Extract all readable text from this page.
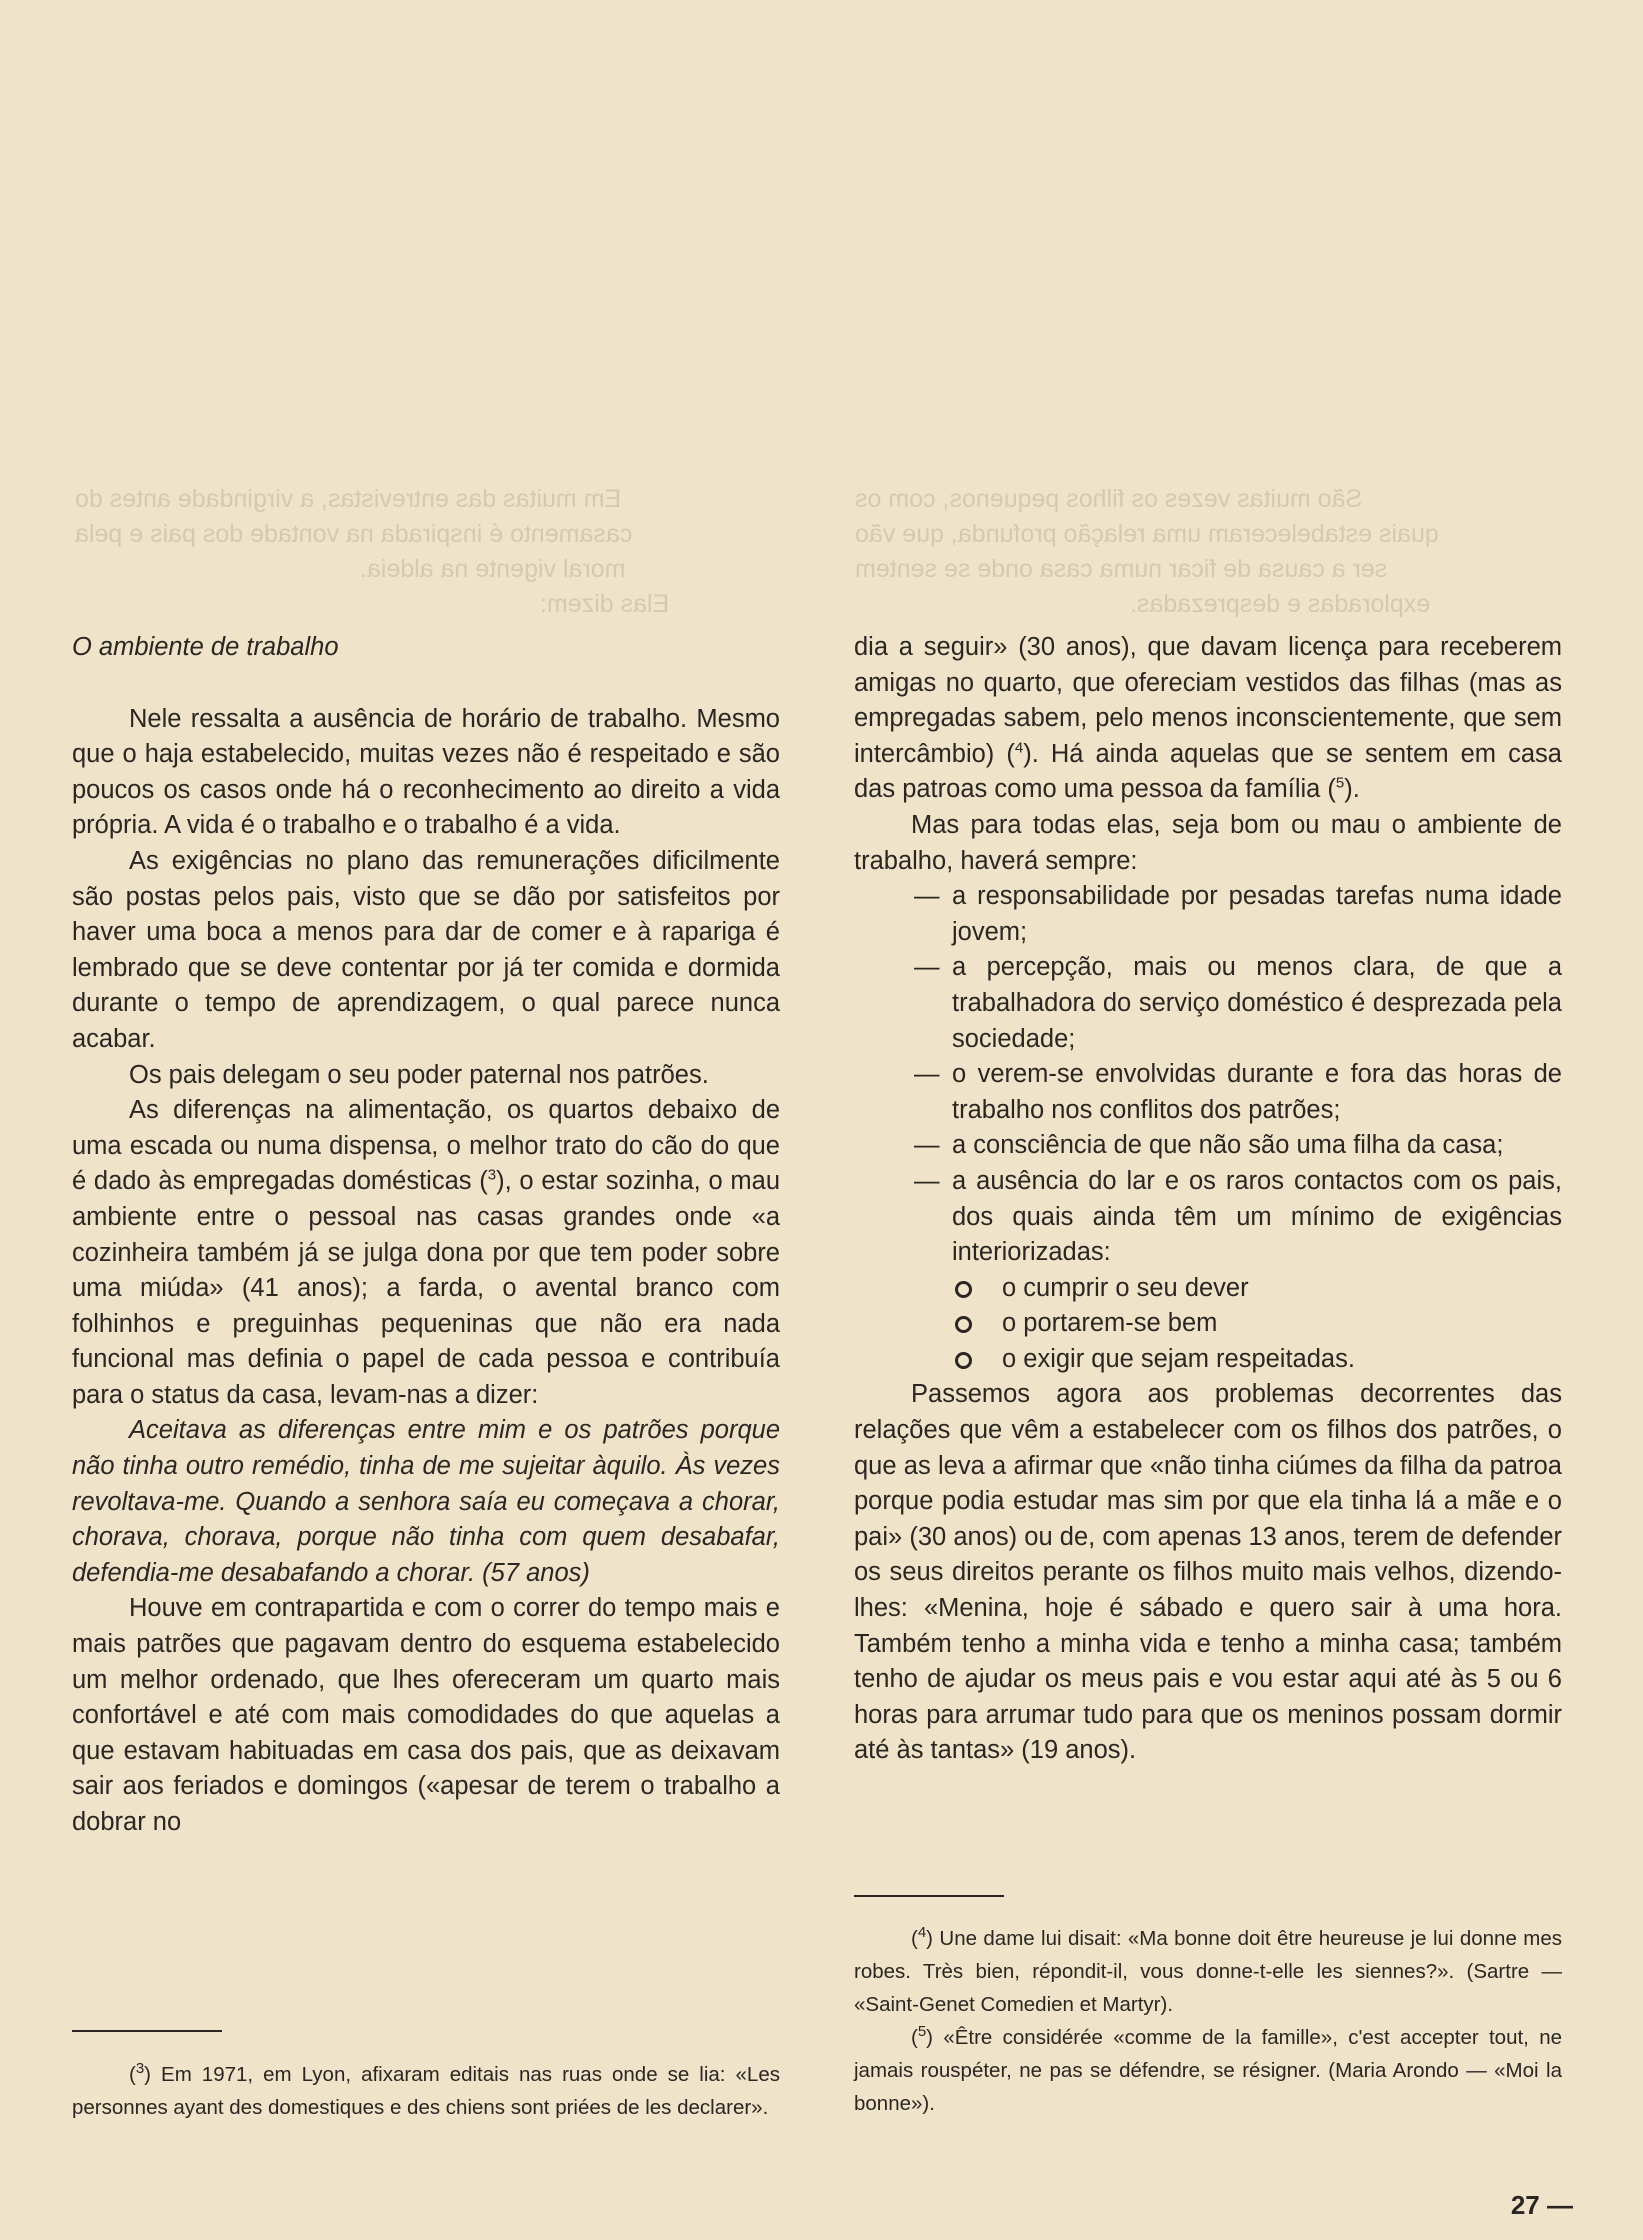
Em muitas das entrevistas, a virgindade antes do
casamento é inspirada na vontade dos pais e pela
moral vigente na aldeia.
Elas dizem:
São muitas vezes os filhos pequenos, com os
quais estabeleceram uma relação profunda, que vão
ser a causa de ficar numa casa onde se sentem
exploradas e desprezadas.
O ambiente de trabalho

Nele ressalta a ausência de horário de trabalho. Mesmo que o haja estabelecido, muitas vezes não é respeitado e são poucos os casos onde há o reconhecimento ao direito a vida própria. A vida é o trabalho e o trabalho é a vida.

As exigências no plano das remunerações dificilmente são postas pelos pais, visto que se dão por satisfeitos por haver uma boca a menos para dar de comer e à rapariga é lembrado que se deve contentar por já ter comida e dormida durante o tempo de aprendizagem, o qual parece nunca acabar.

Os pais delegam o seu poder paternal nos patrões.

As diferenças na alimentação, os quartos debaixo de uma escada ou numa dispensa, o melhor trato do cão do que é dado às empregadas domésticas ($^3$), o estar sozinha, o mau ambiente entre o pessoal nas casas grandes onde «a cozinheira também já se julga dona por que tem poder sobre uma miúda» (41 anos); a farda, o avental branco com folhinhos e preguinhas pequeninas que não era nada funcional mas definia o papel de cada pessoa e contribuía para o status da casa, levam-nas a dizer:

Aceitava as diferenças entre mim e os patrões porque não tinha outro remédio, tinha de me sujeitar àquilo. Às vezes revoltava-me. Quando a senhora saía eu começava a chorar, chorava, chorava, porque não tinha com quem desabafar, defendia-me desabafando a chorar. (57 anos)

Houve em contrapartida e com o correr do tempo mais e mais patrões que pagavam dentro do esquema estabelecido um melhor ordenado, que lhes ofereceram um quarto mais confortável e até com mais comodidades do que aquelas a que estavam habituadas em casa dos pais, que as deixavam sair aos feriados e domingos («apesar de terem o trabalho a dobrar no

($^3$) Em 1971, em Lyon, afixaram editais nas ruas onde se lia: «Les personnes ayant des domestiques e des chiens sont priées de les declarer».

dia a seguir» (30 anos), que davam licença para receberem amigas no quarto, que ofereciam vestidos das filhas (mas as empregadas sabem, pelo menos inconscientemente, que sem intercâmbio) ($^4$). Há ainda aquelas que se sentem em casa das patroas como uma pessoa da família ($^5$).

Mas para todas elas, seja bom ou mau o ambiente de trabalho, haverá sempre:

— a responsabilidade por pesadas tarefas numa idade jovem;
— a percepção, mais ou menos clara, de que a trabalhadora do serviço doméstico é desprezada pela sociedade;
— o verem-se envolvidas durante e fora das horas de trabalho nos conflitos dos patrões;
— a consciência de que não são uma filha da casa;
— a ausência do lar e os raros contactos com os pais, dos quais ainda têm um mínimo de exigências interiorizadas:
o cumprir o seu dever
o portarem-se bem
o exigir que sejam respeitadas.

Passemos agora aos problemas decorrentes das relações que vêm a estabelecer com os filhos dos patrões, o que as leva a afirmar que «não tinha ciúmes da filha da patroa porque podia estudar mas sim por que ela tinha lá a mãe e o pai» (30 anos) ou de, com apenas 13 anos, terem de defender os seus direitos perante os filhos muito mais velhos, dizendo-lhes: «Menina, hoje é sábado e quero sair à uma hora. Também tenho a minha vida e tenho a minha casa; também tenho de ajudar os meus pais e vou estar aqui até às 5 ou 6 horas para arrumar tudo para que os meninos possam dormir até às tantas» (19 anos).

($^4$) Une dame lui disait: «Ma bonne doit être heureuse je lui donne mes robes. Très bien, répondit-il, vous donne-t-elle les siennes?». (Sartre — «Saint-Genet Comedien et Martyr).

($^5$) «Être considérée «comme de la famille», c'est accepter tout, ne jamais rouspéter, ne pas se défendre, se résigner. (Maria Arondo — «Moi la bonne»).

27 —
